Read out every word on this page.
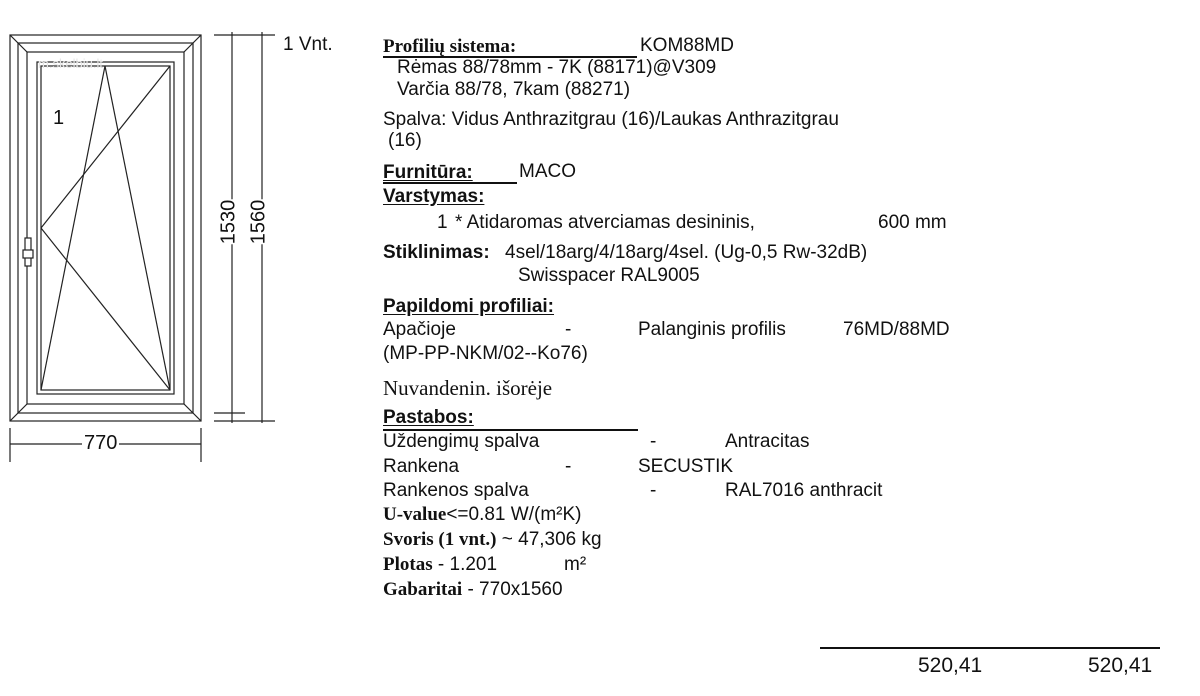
m.skelbiu.lt
1
1 Vnt.
770
1530 1560
Profilių sistema:	KOM88MD
Rėmas 88/78mm - 7K (88171)@V309
Varčia 88/78, 7kam (88271)
Spalva: Vidus Anthrazitgrau (16)/Laukas Anthrazitgrau
(16)
Furnitūra: MACO
Varstymas:
1 * Atidaromas atverciamas desininis,	600 mm
Stiklinimas: 4sel/18arg/4/18arg/4sel. (Ug-0,5 Rw-32dB)
Swisspacer RAL9005
Papildomi profiliai:
Apačioje	-	Palanginis profilis	76MD/88MD
(MP-PP-NKM/02--Ko76)
Nuvandenin. išorėje
Pastabos:
Uždengimų spalva	-	Antracitas
Rankena	-	SECUSTIK
Rankenos spalva	-	RAL7016 anthracit
U-value<=0.81 W/(m²K)
Svoris (1 vnt.) ~ 47,306 kg
Plotas - 1.201	m²
Gabaritai - 770x1560
520,41	520,41
